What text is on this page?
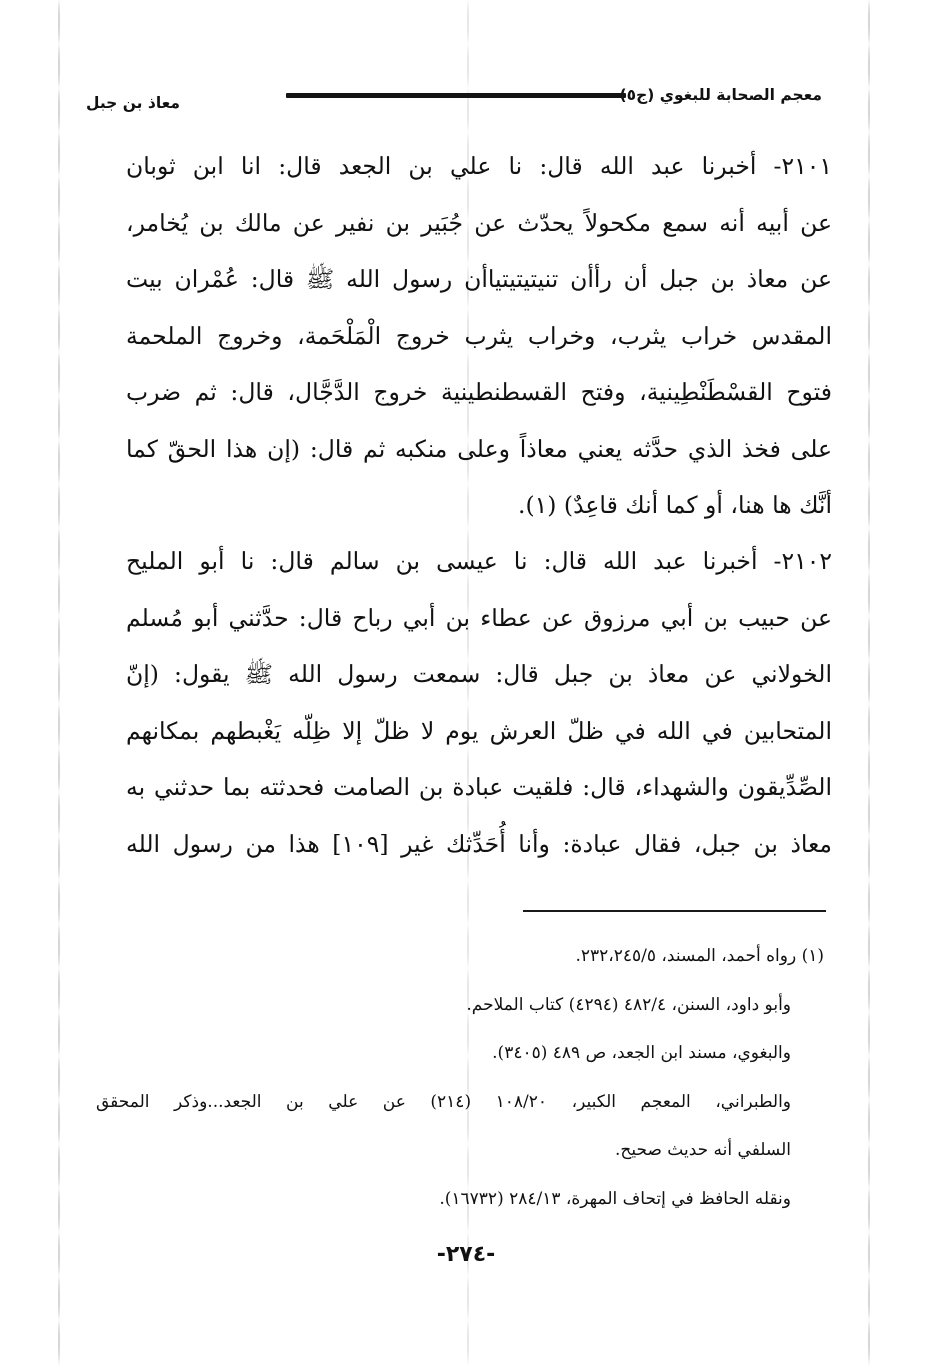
معجم الصحابة للبغوي (ج٥
معاذ بن جبل
٢١٠١- أخبرنا عبد الله قال: نا علي بن الجعد قال: انا ابن ثوبان
عن أبيه أنه سمع مكحولاً يحدّث عن جُبَير بن نفير عن مالك بن يُخامر،
عن معاذ بن جبل أن رأأن تنيتيتيتياأن رسول الله ﷺ قال: عُمْران بيت
المقدس خراب يثرب، وخراب يثرب خروج الْمَلْحَمة، وخروج الملحمة
فتوح القسْطَنْطِينية، وفتح القسطنطينية خروج الدَّجَّال، قال: ثم ضرب
على فخذ الذي حدَّثه يعني معاذاً وعلى منكبه ثم قال: (إن هذا الحقّ كما
أنَّك ها هنا، أو كما أنك قاعِدٌ) (١).
٢١٠٢- أخبرنا عبد الله قال: نا عيسى بن سالم قال: نا أبو المليح
عن حبيب بن أبي مرزوق عن عطاء بن أبي رباح قال: حدَّثني أبو مُسلم
الخولاني عن معاذ بن جبل قال: سمعت رسول الله ﷺ يقول: (إنّ
المتحابين في الله في ظلّ العرش يوم لا ظلّ إلا ظِلّه يَغْبطهم بمكانهم
الصِّدِّيقون والشهداء، قال: فلقيت عبادة بن الصامت فحدثته بما حدثني به
معاذ بن جبل، فقال عبادة: وأنا أُحَدِّثك غير [١٠٩] هذا من رسول الله
(١) رواه أحمد، المسند، ٢٣٢،٢٤٥/٥.
وأبو داود، السنن، ٤٨٢/٤ (٤٢٩٤) كتاب الملاحم.
والبغوي، مسند ابن الجعد، ص ٤٨٩ (٣٤٠٥).
والطبراني، المعجم الكبير، ١٠٨/٢٠ (٢١٤) عن علي بن الجعد...وذكر المحقق
السلفي أنه حديث صحيح.
ونقله الحافظ في إتحاف المهرة، ٢٨٤/١٣ (١٦٧٣٢).
-٢٧٤-
